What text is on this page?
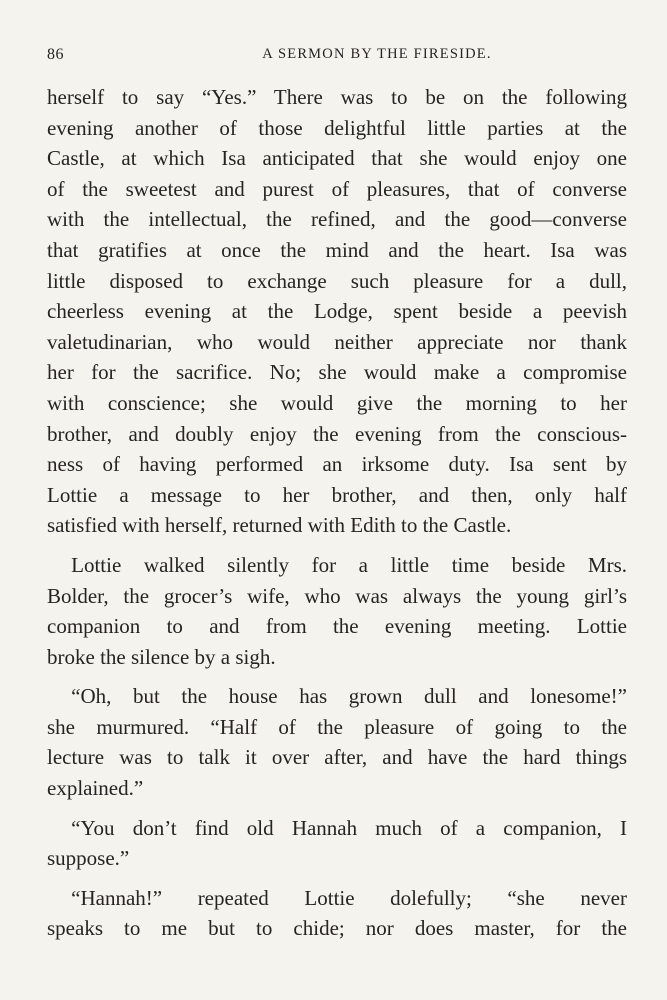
86	A SERMON BY THE FIRESIDE.
herself to say “Yes.” There was to be on the following
evening another of those delightful little parties at the
Castle, at which Isa anticipated that she would enjoy one
of the sweetest and purest of pleasures, that of converse
with the intellectual, the refined, and the good—converse
that gratifies at once the mind and the heart. Isa was
little disposed to exchange such pleasure for a dull,
cheerless evening at the Lodge, spent beside a peevish
valetudinarian, who would neither appreciate nor thank
her for the sacrifice. No; she would make a compromise
with conscience; she would give the morning to her
brother, and doubly enjoy the evening from the conscious-
ness of having performed an irksome duty. Isa sent by
Lottie a message to her brother, and then, only half
satisfied with herself, returned with Edith to the Castle.
Lottie walked silently for a little time beside Mrs.
Bolder, the grocer’s wife, who was always the young girl’s
companion to and from the evening meeting. Lottie
broke the silence by a sigh.
“Oh, but the house has grown dull and lonesome!”
she murmured. “Half of the pleasure of going to the
lecture was to talk it over after, and have the hard things
explained.”
“You don’t find old Hannah much of a companion, I
suppose.”
“Hannah!” repeated Lottie dolefully; “she never
speaks to me but to chide; nor does master, for the
